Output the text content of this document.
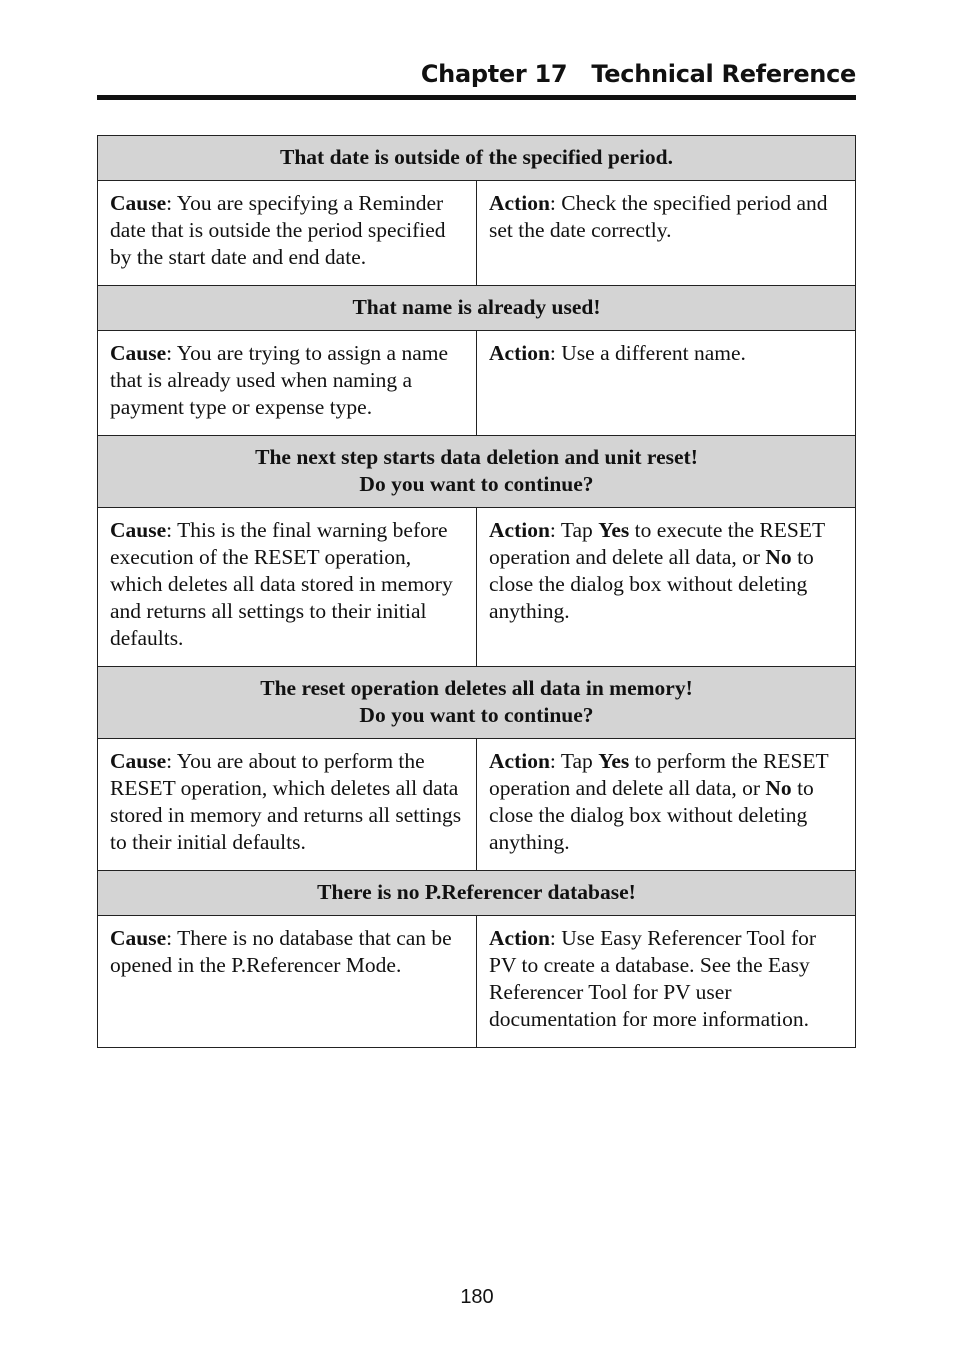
Chapter 17   Technical Reference
That date is outside of the specified period.	

Cause: You are specifying a Reminder date that is outside the period specified by the start date and end date.	Action: Check the specified period and set the date correctly.

That name is already used!	

Cause: You are trying to assign a name that is already used when naming a payment type or expense type.	Action: Use a different name.

The next step starts data deletion and unit reset!
Do you want to continue?	

Cause: This is the final warning before execution of the RESET operation, which deletes all data stored in memory and returns all settings to their initial defaults.	Action: Tap Yes to execute the RESET operation and delete all data, or No to close the dialog box without deleting anything.

The reset operation deletes all data in memory!
Do you want to continue?	

Cause: You are about to perform the RESET operation, which deletes all data stored in memory and returns all settings to their initial defaults.	Action: Tap Yes to perform the RESET operation and delete all data, or No to close the dialog box without deleting anything.

There is no P.Referencer database!	

Cause: There is no database that can be opened in the P.Referencer Mode.	Action: Use Easy Referencer Tool for PV to create a database. See the Easy Referencer Tool for PV user documentation for more information.
180
